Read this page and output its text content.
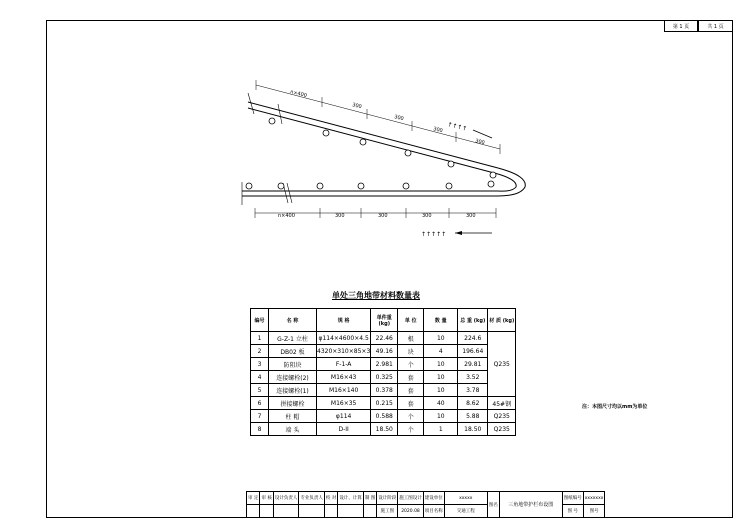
第 1 页	共 1 页
n×400
300
300
300
300
n×400	300	300	300	300
↑↑↑↑↑
↑↑↑↑
单处三角地带材料数量表
编号	名 称	规 格	单件重 (kg)	单 位	数 量	总 重 (kg)	材 质 (kg)
1	G-Z-1 立柱	φ114×4600×4.5	22.46	根	10	224.6	Q235
2	DB02 板	4320×310×85×3	49.16	块	4	196.64	
3	防阻块	F-1-A	2.981	个	10	29.81	
4	连接螺栓(2)	M16×43	0.325	套	10	3.52	
5	连接螺栓(1)	M16×140	0.378	套	10	3.78	
6	拼接螺栓	M16×35	0.215	套	40	8.62	45#钢
7	柱 帽	φ114	0.588	个	10	5.88	Q235
8	端 头	D-II	18.50	个	1	18.50	Q235
注：本图尺寸均以mm为单位
审 定	审 核	设计负责人	专业负责人	校 对	设计、计算	制 图	设计阶段	施工图设计	建设单位	xxxxx	图名	三角地带护栏布设图	图纸编号	xxxxxxx
							施工图	2020.08	项目名称	交通工程			图 号	图号
